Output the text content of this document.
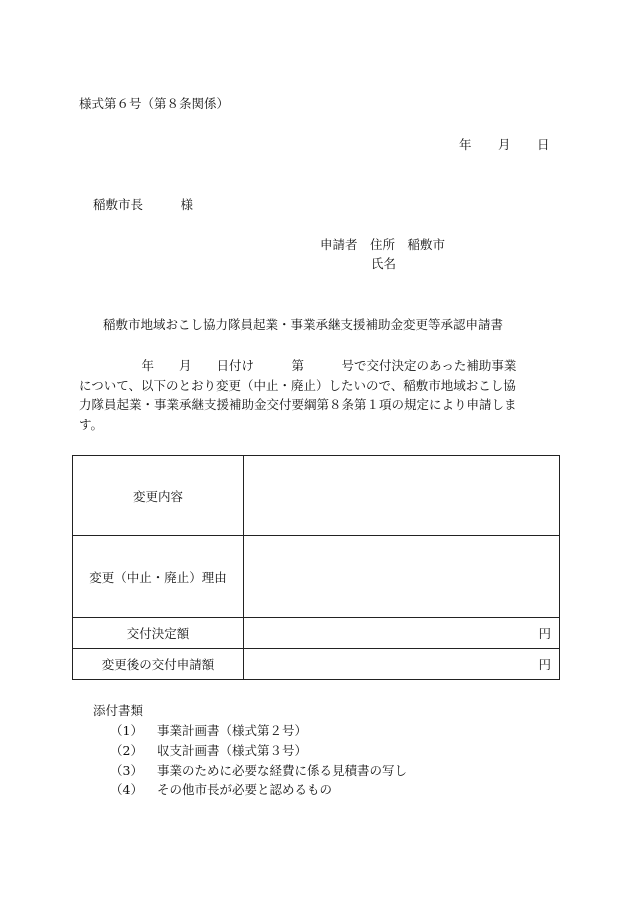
様式第６号（第８条関係）
年　　月　　日
稲敷市長　　　様
申請者　住所　稲敷市
氏名
稲敷市地域おこし協力隊員起業・事業承継支援補助金変更等承認申請書
　　　　　年　　月　　日付け　　　第　　　号で交付決定のあった補助事業
について、以下のとおり変更（中止・廃止）したいので、稲敷市地域おこし協
力隊員起業・事業承継支援補助金交付要綱第８条第１項の規定により申請しま
す。
変更内容	
変更（中止・廃止）理由	
交付決定額	円
変更後の交付申請額	円
添付書類
（1） 事業計画書（様式第２号）
（2） 収支計画書（様式第３号）
（3） 事業のために必要な経費に係る見積書の写し
（4） その他市長が必要と認めるもの
